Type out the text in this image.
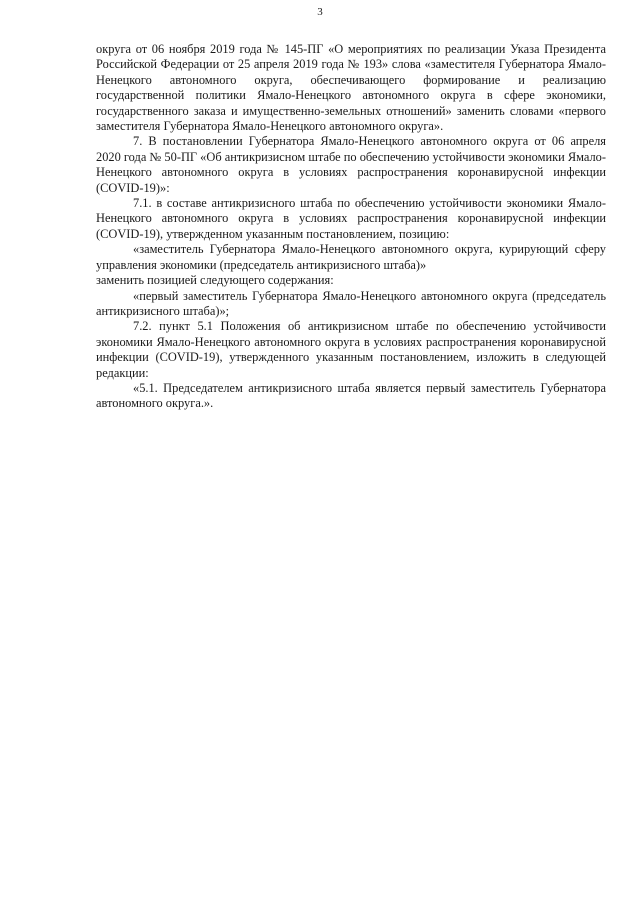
3

округа от 06 ноября 2019 года № 145-ПГ «О мероприятиях по реализации Указа Президента Российской Федерации от 25 апреля 2019 года № 193» слова «заместителя Губернатора Ямало-Ненецкого автономного округа, обеспечивающего формирование и реализацию государственной политики Ямало-Ненецкого автономного округа в сфере экономики, государственного заказа и имущественно-земельных отношений» заменить словами «первого заместителя Губернатора Ямало-Ненецкого автономного округа».

7. В постановлении Губернатора Ямало-Ненецкого автономного округа от 06 апреля 2020 года № 50-ПГ «Об антикризисном штабе по обеспечению устойчивости экономики Ямало-Ненецкого автономного округа в условиях распространения коронавирусной инфекции (COVID-19)»:

7.1. в составе антикризисного штаба по обеспечению устойчивости экономики Ямало-Ненецкого автономного округа в условиях распространения коронавирусной инфекции (COVID-19), утвержденном указанным постановлением, позицию:

«заместитель Губернатора Ямало-Ненецкого автономного округа, курирующий сферу управления экономики (председатель антикризисного штаба)»

заменить позицией следующего содержания:

«первый заместитель Губернатора Ямало-Ненецкого автономного округа (председатель антикризисного штаба)»;

7.2. пункт 5.1 Положения об антикризисном штабе по обеспечению устойчивости экономики Ямало-Ненецкого автономного округа в условиях распространения коронавирусной инфекции (COVID-19), утвержденного указанным постановлением, изложить в следующей редакции:

«5.1. Председателем антикризисного штаба является первый заместитель Губернатора автономного округа.».
